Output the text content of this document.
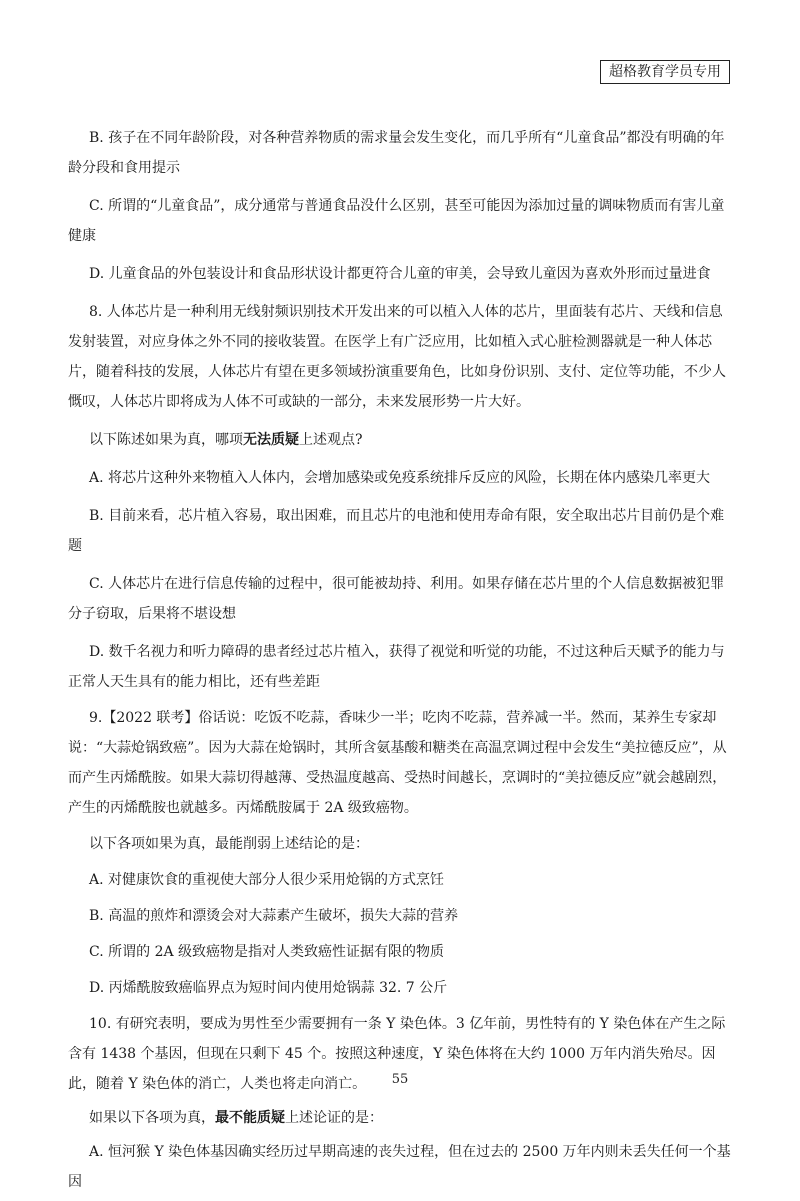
超格教育学员专用

B. 孩子在不同年龄阶段，对各种营养物质的需求量会发生变化，而几乎所有“儿童食品”都没有明确的年龄分段和食用提示

C. 所谓的“儿童食品”，成分通常与普通食品没什么区别，甚至可能因为添加过量的调味物质而有害儿童健康

D. 儿童食品的外包装设计和食品形状设计都更符合儿童的审美，会导致儿童因为喜欢外形而过量进食

8. 人体芯片是一种利用无线射频识别技术开发出来的可以植入人体的芯片，里面装有芯片、天线和信息发射装置，对应身体之外不同的接收装置。在医学上有广泛应用，比如植入式心脏检测器就是一种人体芯片，随着科技的发展，人体芯片有望在更多领域扮演重要角色，比如身份识别、支付、定位等功能，不少人慨叹，人体芯片即将成为人体不可或缺的一部分，未来发展形势一片大好。

以下陈述如果为真，哪项无法质疑上述观点?

A. 将芯片这种外来物植入人体内，会增加感染或免疫系统排斥反应的风险，长期在体内感染几率更大

B. 目前来看，芯片植入容易，取出困难，而且芯片的电池和使用寿命有限，安全取出芯片目前仍是个难题

C. 人体芯片在进行信息传输的过程中，很可能被劫持、利用。如果存储在芯片里的个人信息数据被犯罪分子窃取，后果将不堪设想

D. 数千名视力和听力障碍的患者经过芯片植入，获得了视觉和听觉的功能，不过这种后天赋予的能力与正常人天生具有的能力相比，还有些差距

9.【2022 联考】俗话说：吃饭不吃蒜，香味少一半；吃肉不吃蒜，营养减一半。然而，某养生专家却说：“大蒜炝锅致癌”。因为大蒜在炝锅时，其所含氨基酸和糖类在高温烹调过程中会发生“美拉德反应”，从而产生丙烯酰胺。如果大蒜切得越薄、受热温度越高、受热时间越长，烹调时的“美拉德反应”就会越剧烈，产生的丙烯酰胺也就越多。丙烯酰胺属于 2A 级致癌物。

以下各项如果为真，最能削弱上述结论的是：

A. 对健康饮食的重视使大部分人很少采用炝锅的方式烹饪

B. 高温的煎炸和漂烫会对大蒜素产生破坏，损失大蒜的营养

C. 所谓的 2A 级致癌物是指对人类致癌性证据有限的物质

D. 丙烯酰胺致癌临界点为短时间内使用炝锅蒜 32. 7 公斤

10. 有研究表明，要成为男性至少需要拥有一条 Y 染色体。3 亿年前，男性特有的 Y 染色体在产生之际含有 1438 个基因，但现在只剩下 45 个。按照这种速度，Y 染色体将在大约 1000 万年内消失殆尽。因此，随着 Y 染色体的消亡，人类也将走向消亡。

如果以下各项为真，最不能质疑上述论证的是：

A. 恒河猴 Y 染色体基因确实经历过早期高速的丧失过程，但在过去的 2500 万年内则未丢失任何一个基因

55
